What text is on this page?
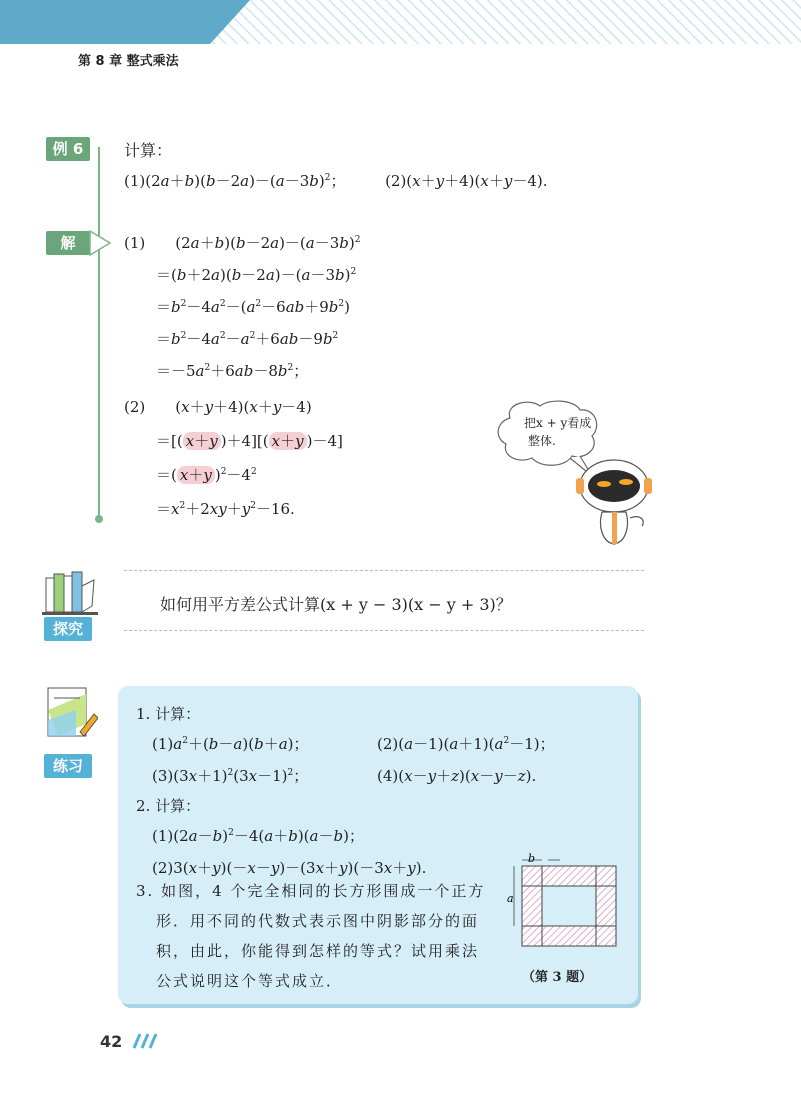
第 8 章 整式乘法
例 6	计算：
$(1)(2a+b)(b-2a)-(a-3b)^2$；	(2)(x＋y＋4)(x＋y－4).
解	(1) $(2a+b)(b-2a)-(a-3b)^2$
$=(b+2a)(b-2a)-(a-3b)^2$
$=b^2-4a^2-(a^2-6ab+9b^2)$
$=b^2-4a^2-a^2+6ab-9b^2$
$=-5a^2+6ab-8b^2$；
(2) (x＋y＋4)(x＋y－4)
＝[( x＋y )＋4][( x＋y )－4]
＝( x＋y )$^2-4^2$
$=x^2+2xy+y^2-16$.
把x + y看成
整体.
探究
如何用平方差公式计算(x + y − 3)(x − y + 3)？
练习
1. 计算：
$(1)a^2+(b-a)(b+a)$；	$(2)(a-1)(a+1)(a^2-1)$；
$(3)(3x+1)^2(3x-1)^2$；	(4)(x－y＋z)(x－y－z).
2. 计算：
$(1)(2a-b)^2-4(a+b)(a-b)$；
(2)3(x＋y)(－x－y)－(3x＋y)(－3x＋y).
3. 如图，4 个完全相同的长方形围成一个正方
形．用不同的代数式表示图中阴影部分的面
积，由此，你能得到怎样的等式？试用乘法
公式说明这个等式成立．
b
a
（第 3 题）
42
